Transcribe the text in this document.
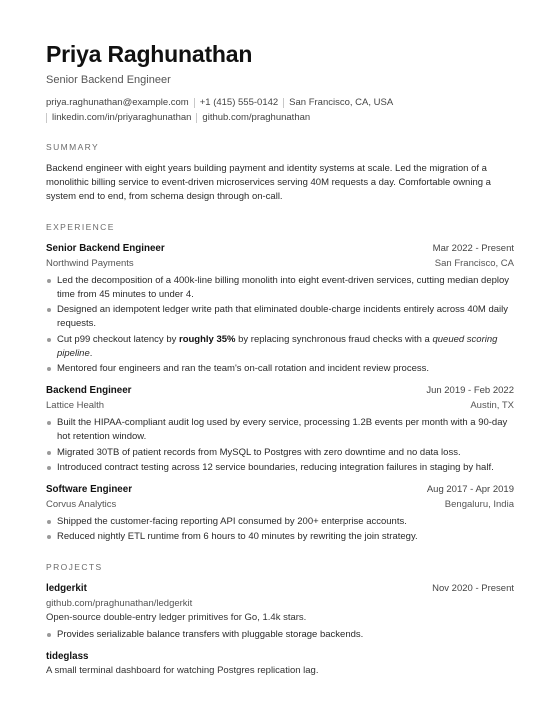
Priya Raghunathan
Senior Backend Engineer
priya.raghunathan@example.com +1 (415) 555-0142 San Francisco, CA, USA
linkedin.com/in/priyaraghunathan github.com/praghunathan
SUMMARY

Backend engineer with eight years building payment and identity systems at scale. Led the migration of a monolithic billing service to event-driven microservices serving 40M requests a day. Comfortable owning a system end to end, from schema design through on-call.

EXPERIENCE
Senior Backend Engineer	Mar 2022 - Present
Northwind Payments	San Francisco, CA
Led the decomposition of a 400k-line billing monolith into eight event-driven services, cutting median deploy time from 45 minutes to under 4.
Designed an idempotent ledger write path that eliminated double-charge incidents entirely across 40M daily requests.
Cut p99 checkout latency by roughly 35% by replacing synchronous fraud checks with a queued scoring pipeline.
Mentored four engineers and ran the team's on-call rotation and incident review process.
Backend Engineer	Jun 2019 - Feb 2022
Lattice Health	Austin, TX
Built the HIPAA-compliant audit log used by every service, processing 1.2B events per month with a 90-day hot retention window.
Migrated 30TB of patient records from MySQL to Postgres with zero downtime and no data loss.
Introduced contract testing across 12 service boundaries, reducing integration failures in staging by half.
Software Engineer	Aug 2017 - Apr 2019
Corvus Analytics	Bengaluru, India
Shipped the customer-facing reporting API consumed by 200+ enterprise accounts.
Reduced nightly ETL runtime from 6 hours to 40 minutes by rewriting the join strategy.
PROJECTS
ledgerkit	Nov 2020 - Present
github.com/praghunathan/ledgerkit
Open-source double-entry ledger primitives for Go, 1.4k stars.
Provides serializable balance transfers with pluggable storage backends.
tideglass
A small terminal dashboard for watching Postgres replication lag.
